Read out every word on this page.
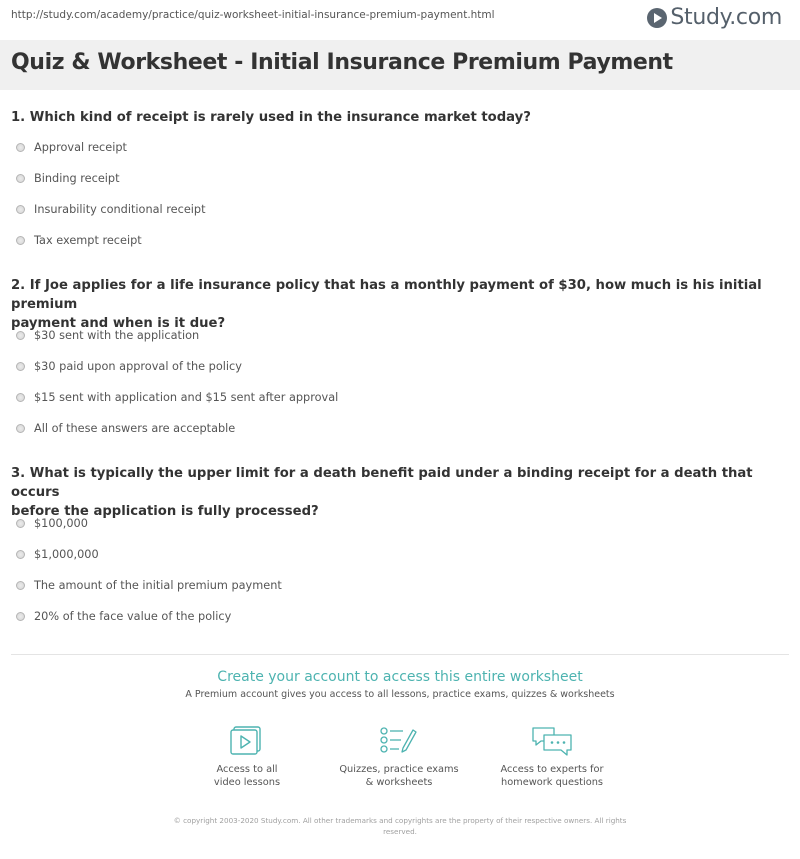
http://study.com/academy/practice/quiz-worksheet-initial-insurance-premium-payment.html	Study.com
Quiz & Worksheet - Initial Insurance Premium Payment
1. Which kind of receipt is rarely used in the insurance market today?
Approval receipt
Binding receipt
Insurability conditional receipt
Tax exempt receipt
2. If Joe applies for a life insurance policy that has a monthly payment of $30, how much is his initial premium
payment and when is it due?
$30 sent with the application
$30 paid upon approval of the policy
$15 sent with application and $15 sent after approval
All of these answers are acceptable
3. What is typically the upper limit for a death benefit paid under a binding receipt for a death that occurs
before the application is fully processed?
$100,000
$1,000,000
The amount of the initial premium payment
20% of the face value of the policy
Create your account to access this entire worksheet
A Premium account gives you access to all lessons, practice exams, quizzes & worksheets
Access to all
video lessons
Quizzes, practice exams
& worksheets
Access to experts for
homework questions
© copyright 2003-2020 Study.com. All other trademarks and copyrights are the property of their respective owners. All rights
reserved.
